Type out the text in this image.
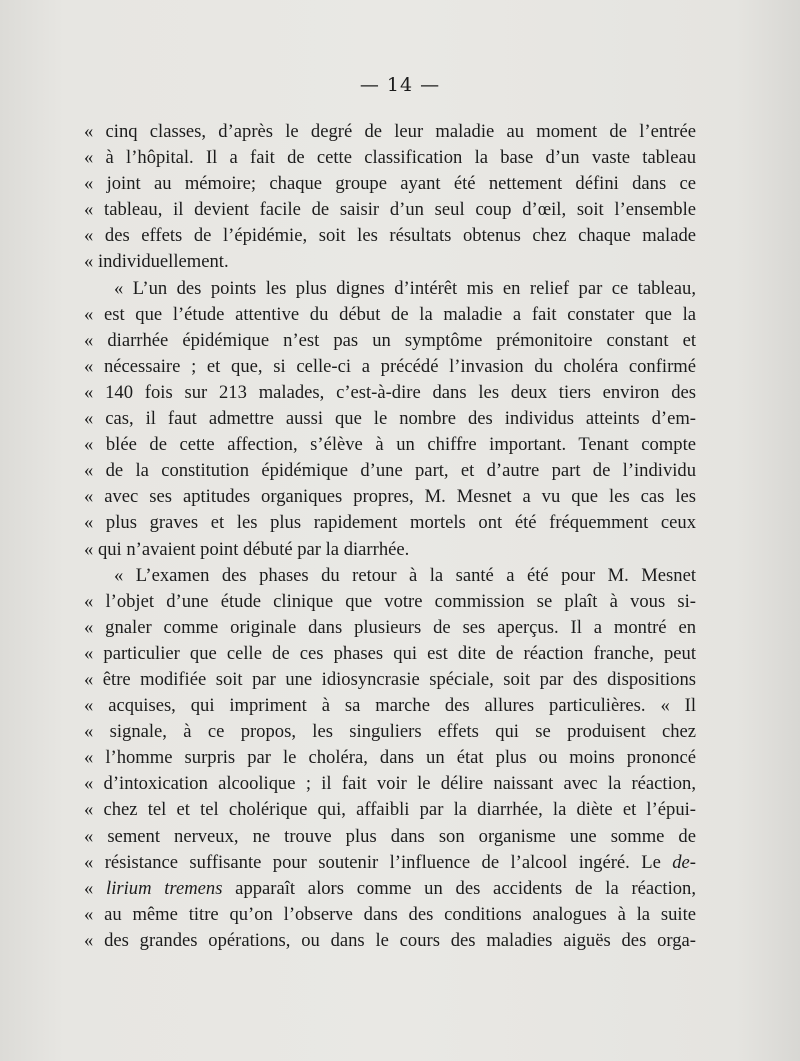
— 14 —
« cinq classes, d’après le degré de leur maladie au moment de l’entrée
« à l’hôpital. Il a fait de cette classification la base d’un vaste tableau
« joint au mémoire; chaque groupe ayant été nettement défini dans ce
« tableau, il devient facile de saisir d’un seul coup d’œil, soit l’ensemble
« des effets de l’épidémie, soit les résultats obtenus chez chaque malade
« individuellement.
« L’un des points les plus dignes d’intérêt mis en relief par ce tableau,
« est que l’étude attentive du début de la maladie a fait constater que la
« diarrhée épidémique n’est pas un symptôme prémonitoire constant et
« nécessaire ; et que, si celle-ci a précédé l’invasion du choléra confirmé
« 140 fois sur 213 malades, c’est-à-dire dans les deux tiers environ des
« cas, il faut admettre aussi que le nombre des individus atteints d’em-
« blée de cette affection, s’élève à un chiffre important. Tenant compte
« de la constitution épidémique d’une part, et d’autre part de l’individu
« avec ses aptitudes organiques propres, M. Mesnet a vu que les cas les
« plus graves et les plus rapidement mortels ont été fréquemment ceux
« qui n’avaient point débuté par la diarrhée.
« L’examen des phases du retour à la santé a été pour M. Mesnet
« l’objet d’une étude clinique que votre commission se plaît à vous si-
« gnaler comme originale dans plusieurs de ses aperçus. Il a montré en
« particulier que celle de ces phases qui est dite de réaction franche, peut
« être modifiée soit par une idiosyncrasie spéciale, soit par des dispositions
« acquises, qui impriment à sa marche des allures particulières. « Il
« signale, à ce propos, les singuliers effets qui se produisent chez
« l’homme surpris par le choléra, dans un état plus ou moins prononcé
« d’intoxication alcoolique ; il fait voir le délire naissant avec la réaction,
« chez tel et tel cholérique qui, affaibli par la diarrhée, la diète et l’épui-
« sement nerveux, ne trouve plus dans son organisme une somme de
« résistance suffisante pour soutenir l’influence de l’alcool ingéré. Le de-
« lirium tremens apparaît alors comme un des accidents de la réaction,
« au même titre qu’on l’observe dans des conditions analogues à la suite
« des grandes opérations, ou dans le cours des maladies aiguës des orga-
